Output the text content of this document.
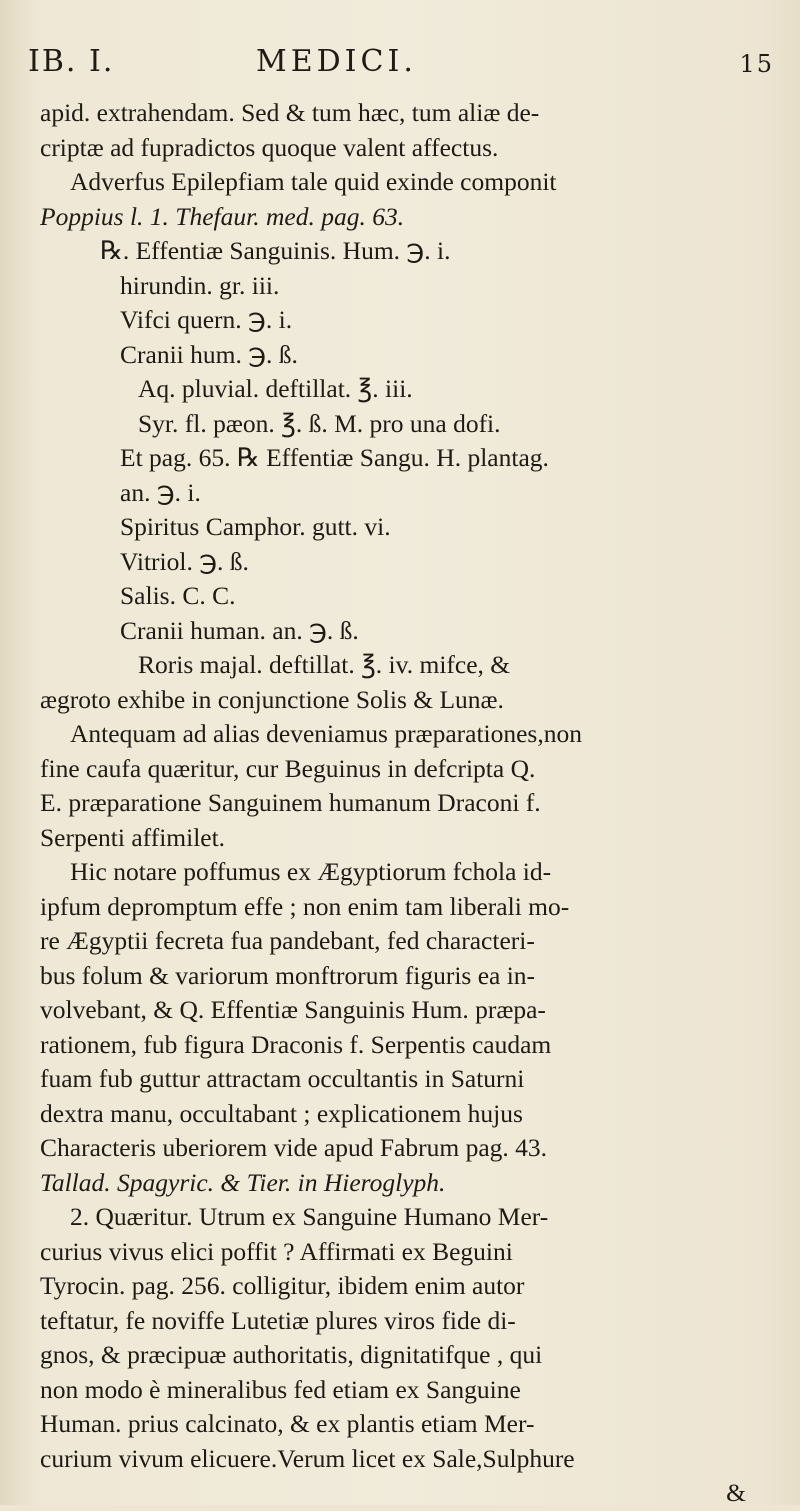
IB. I.	MEDICI.	15
apid. extrahendam. Sed & tum hæc, tum aliæ de-
criptæ ad fupradictos quoque valent affectus.
Adverfus Epilepfiam tale quid exinde componit
Poppius l. 1. Thefaur. med. pag. 63.
℞. Effentiæ Sanguinis. Hum. ℈. i.
hirundin. gr. iii.
Vifci quern. ℈. i.
Cranii hum. ℈. ß.
Aq. pluvial. deftillat. ℥. iii.
Syr. fl. pæon. ℥. ß. M. pro una dofi.
Et pag. 65. ℞ Effentiæ Sangu. H. plantag.
an. ℈. i.
Spiritus Camphor. gutt. vi.
Vitriol. ℈. ß.
Salis. C. C.
Cranii human. an. ℈. ß.
Roris majal. deftillat. ℥. iv. mifce, &
ægroto exhibe in conjunctione Solis & Lunæ.
Antequam ad alias deveniamus præparationes,non
fine caufa quæritur, cur Beguinus in defcripta Q.
E. præparatione Sanguinem humanum Draconi f.
Serpenti affimilet.
Hic notare poffumus ex Ægyptiorum fchola id-
ipfum depromptum effe ; non enim tam liberali mo-
re Ægyptii fecreta fua pandebant, fed characteri-
bus folum & variorum monftrorum figuris ea in-
volvebant, & Q. Effentiæ Sanguinis Hum. præpa-
rationem, fub figura Draconis f. Serpentis caudam
fuam fub guttur attractam occultantis in Saturni
dextra manu, occultabant ; explicationem hujus
Characteris uberiorem vide apud Fabrum pag. 43.
Tallad. Spagyric. & Tier. in Hieroglyph.
2. Quæritur. Utrum ex Sanguine Humano Mer-
curius vivus elici poffit ? Affirmati ex Beguini
Tyrocin. pag. 256. colligitur, ibidem enim autor
teftatur, fe noviffe Lutetiæ plures viros fide di-
gnos, & præcipuæ authoritatis, dignitatifque , qui
non modo è mineralibus fed etiam ex Sanguine
Human. prius calcinato, & ex plantis etiam Mer-
curium vivum elicuere.Verum licet ex Sale,Sulphure
&
